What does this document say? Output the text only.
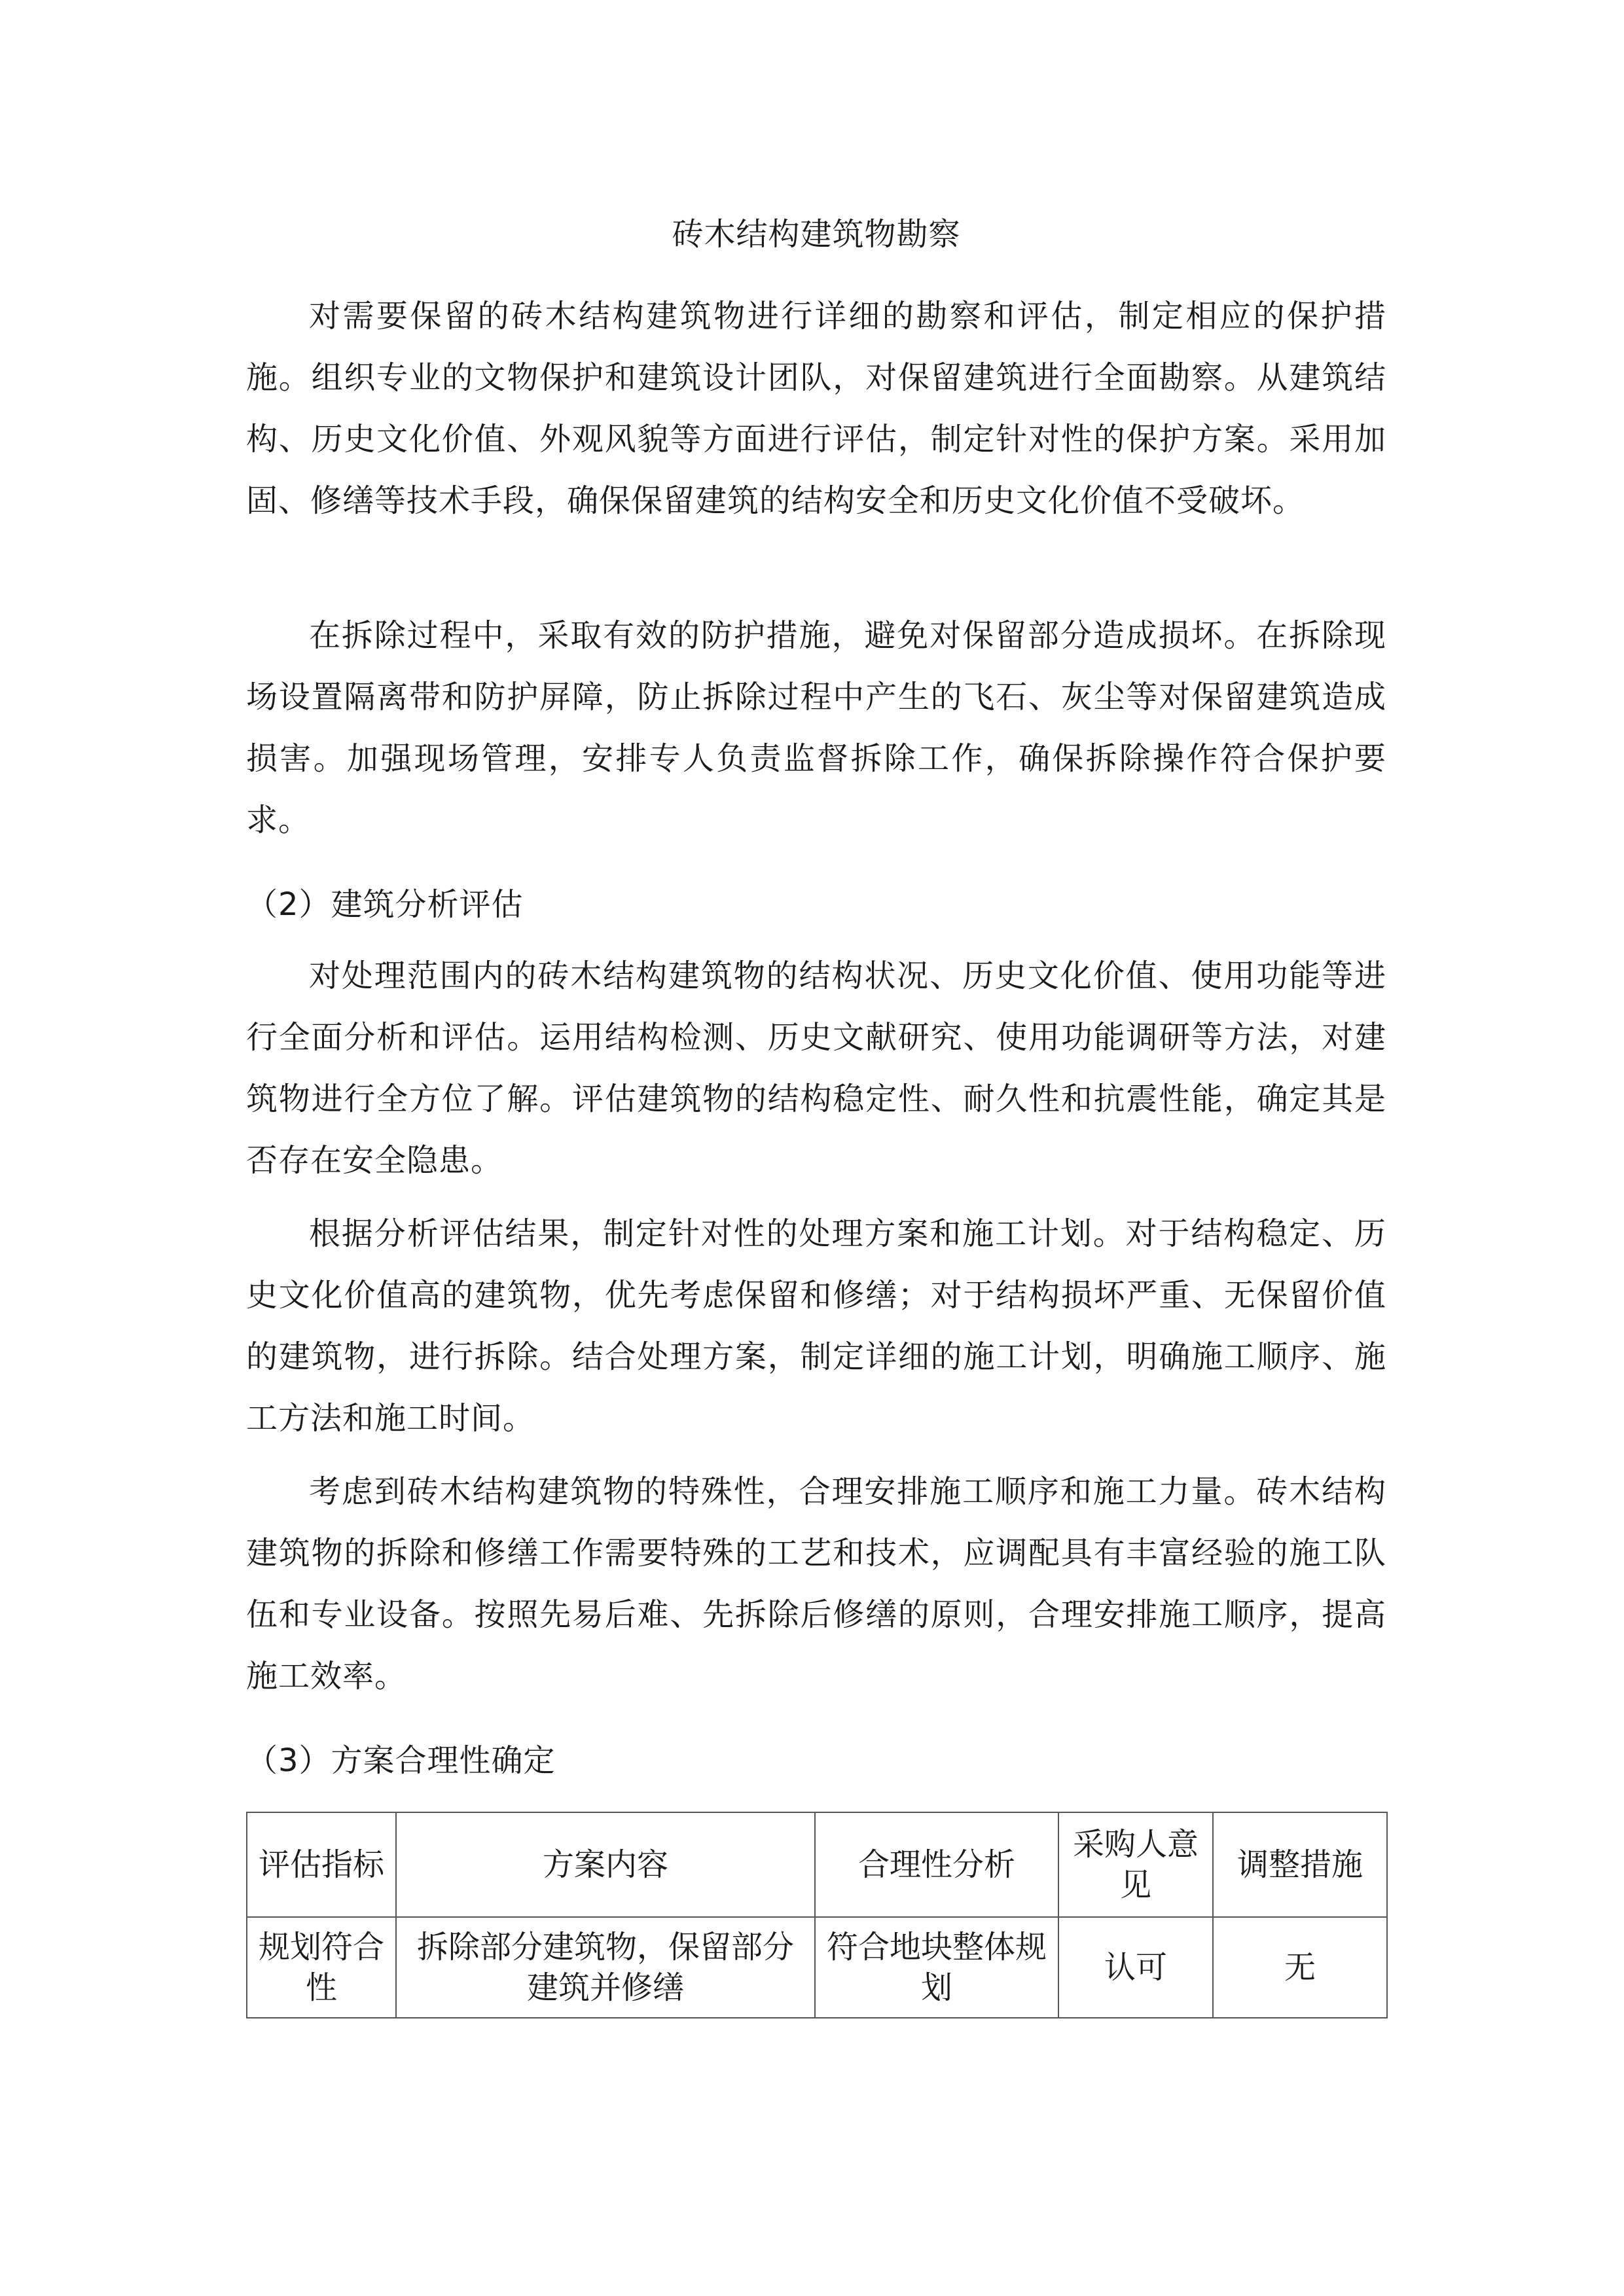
砖木结构建筑物勘察

对需要保留的砖木结构建筑物进行详细的勘察和评估，制定相应的保护措施。组织专业的文物保护和建筑设计团队，对保留建筑进行全面勘察。从建筑结构、历史文化价值、外观风貌等方面进行评估，制定针对性的保护方案。采用加固、修缮等技术手段，确保保留建筑的结构安全和历史文化价值不受破坏。

在拆除过程中，采取有效的防护措施，避免对保留部分造成损坏。在拆除现场设置隔离带和防护屏障，防止拆除过程中产生的飞石、灰尘等对保留建筑造成损害。加强现场管理，安排专人负责监督拆除工作，确保拆除操作符合保护要求。

（2）建筑分析评估

对处理范围内的砖木结构建筑物的结构状况、历史文化价值、使用功能等进行全面分析和评估。运用结构检测、历史文献研究、使用功能调研等方法，对建筑物进行全方位了解。评估建筑物的结构稳定性、耐久性和抗震性能，确定其是否存在安全隐患。

根据分析评估结果，制定针对性的处理方案和施工计划。对于结构稳定、历史文化价值高的建筑物，优先考虑保留和修缮；对于结构损坏严重、无保留价值的建筑物，进行拆除。结合处理方案，制定详细的施工计划，明确施工顺序、施工方法和施工时间。

考虑到砖木结构建筑物的特殊性，合理安排施工顺序和施工力量。砖木结构建筑物的拆除和修缮工作需要特殊的工艺和技术，应调配具有丰富经验的施工队伍和专业设备。按照先易后难、先拆除后修缮的原则，合理安排施工顺序，提高施工效率。

（3）方案合理性确定
评估指标	方案内容	合理性分析	采购人意见	调整措施
规划符合性	拆除部分建筑物，保留部分建筑并修缮	符合地块整体规划	认可	无
